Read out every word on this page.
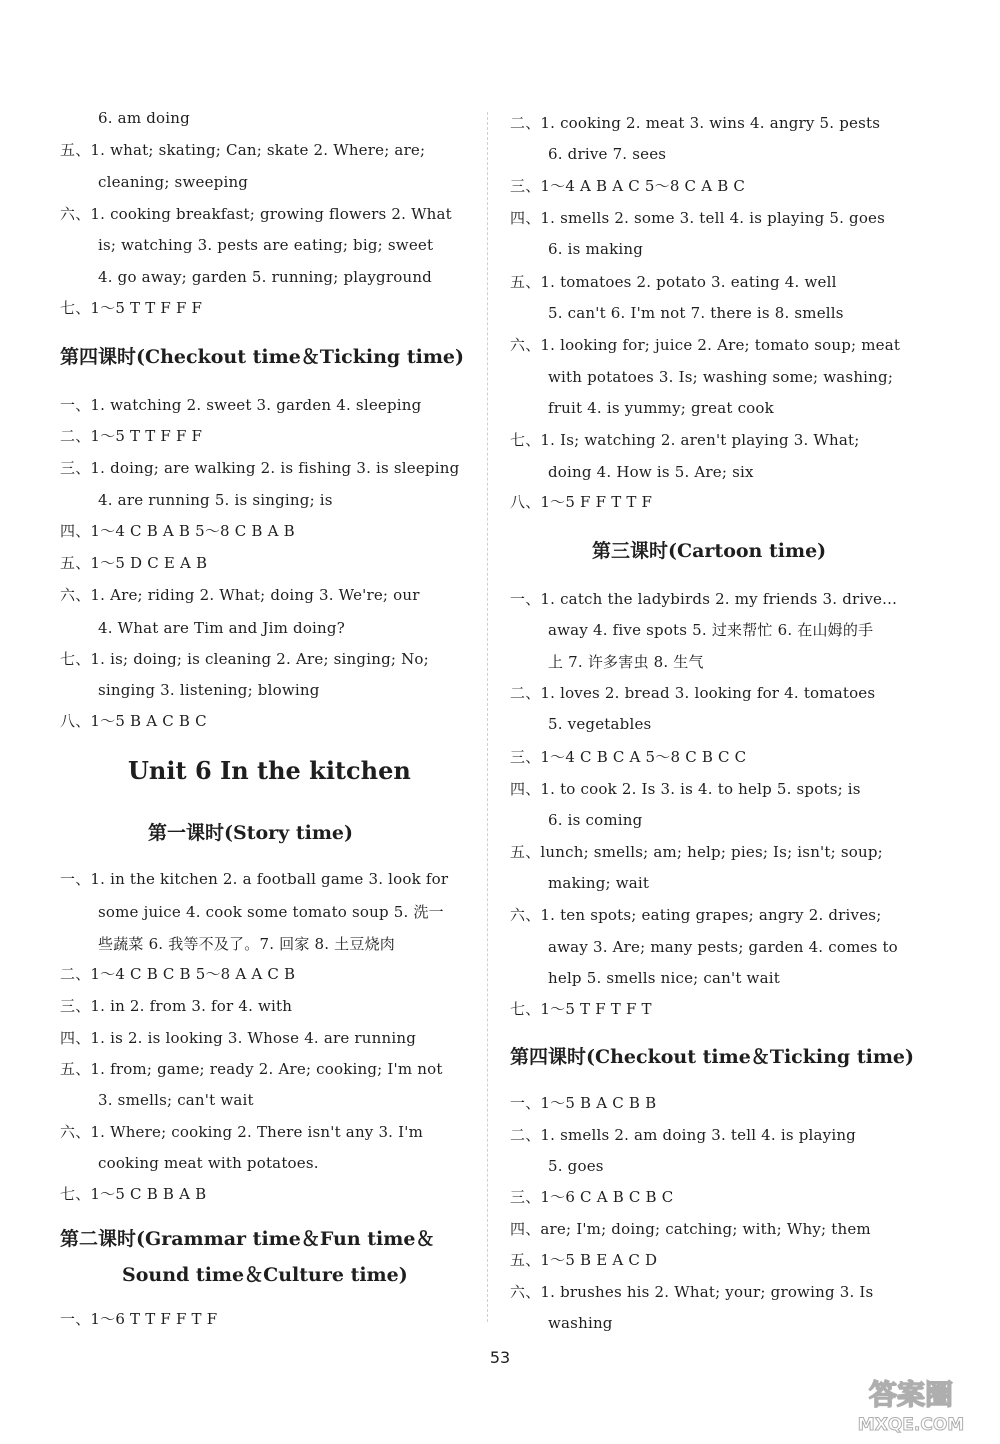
6. am doing
五、1. what; skating; Can; skate 2. Where; are;
cleaning; sweeping
六、1. cooking breakfast; growing flowers 2. What
is; watching 3. pests are eating; big; sweet
4. go away; garden 5. running; playground
七、1～5 T T F F F
第四课时(Checkout time＆Ticking time)
一、1. watching 2. sweet 3. garden 4. sleeping
二、1～5 T T F F F
三、1. doing; are walking 2. is fishing 3. is sleeping
4. are running 5. is singing; is
四、1～4 C B A B 5～8 C B A B
五、1～5 D C E A B
六、1. Are; riding 2. What; doing 3. We're; our
4. What are Tim and Jim doing?
七、1. is; doing; is cleaning 2. Are; singing; No;
singing 3. listening; blowing
八、1～5 B A C B C
Unit 6 In the kitchen
第一课时(Story time)
一、1. in the kitchen 2. a football game 3. look for
some juice 4. cook some tomato soup 5. 洗一
些蔬菜 6. 我等不及了。7. 回家 8. 土豆烧肉
二、1～4 C B C B 5～8 A A C B
三、1. in 2. from 3. for 4. with
四、1. is 2. is looking 3. Whose 4. are running
五、1. from; game; ready 2. Are; cooking; I'm not
3. smells; can't wait
六、1. Where; cooking 2. There isn't any 3. I'm
cooking meat with potatoes.
七、1～5 C B B A B
第二课时(Grammar time＆Fun time＆
Sound time＆Culture time)
一、1～6 T T F F T F
二、1. cooking 2. meat 3. wins 4. angry 5. pests
6. drive 7. sees
三、1～4 A B A C 5～8 C A B C
四、1. smells 2. some 3. tell 4. is playing 5. goes
6. is making
五、1. tomatoes 2. potato 3. eating 4. well
5. can't 6. I'm not 7. there is 8. smells
六、1. looking for; juice 2. Are; tomato soup; meat
with potatoes 3. Is; washing some; washing;
fruit 4. is yummy; great cook
七、1. Is; watching 2. aren't playing 3. What;
doing 4. How is 5. Are; six
八、1～5 F F T T F
第三课时(Cartoon time)
一、1. catch the ladybirds 2. my friends 3. drive...
away 4. five spots 5. 过来帮忙 6. 在山姆的手
上 7. 许多害虫 8. 生气
二、1. loves 2. bread 3. looking for 4. tomatoes
5. vegetables
三、1～4 C B C A 5～8 C B C C
四、1. to cook 2. Is 3. is 4. to help 5. spots; is
6. is coming
五、lunch; smells; am; help; pies; Is; isn't; soup;
making; wait
六、1. ten spots; eating grapes; angry 2. drives;
away 3. Are; many pests; garden 4. comes to
help 5. smells nice; can't wait
七、1～5 T F T F T
第四课时(Checkout time＆Ticking time)
一、1～5 B A C B B
二、1. smells 2. am doing 3. tell 4. is playing
5. goes
三、1～6 C A B C B C
四、are; I'm; doing; catching; with; Why; them
五、1～5 B E A C D
六、1. brushes his 2. What; your; growing 3. Is
washing
53
答案圈
MXQE.COM
